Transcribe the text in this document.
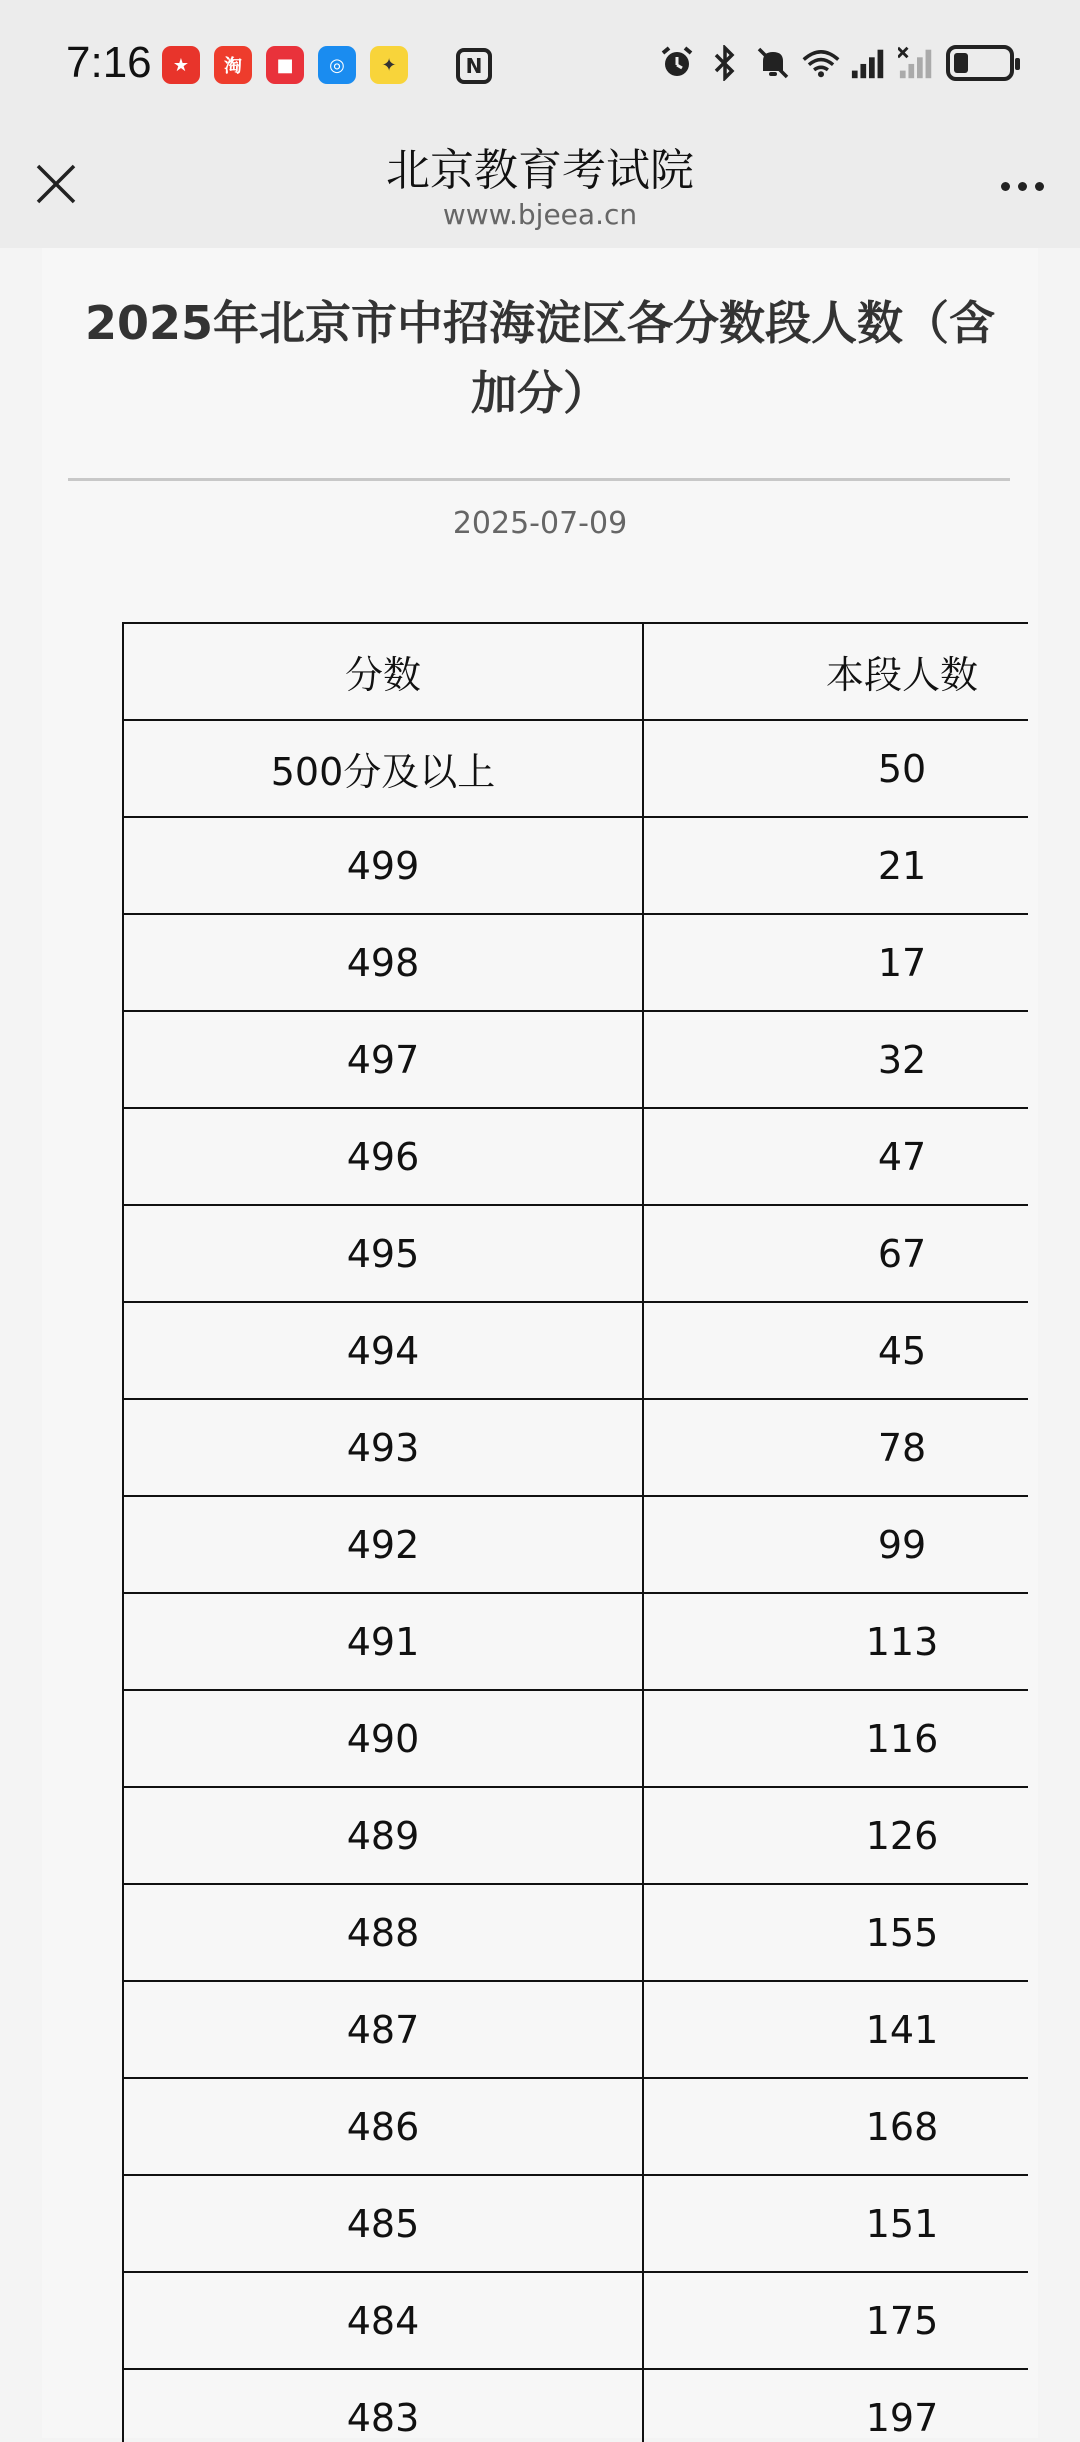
7:16	★	淘	■	◎	✦	N
北京教育考试院
www.bjeea.cn
2025年北京市中招海淀区各分数段人数（含加分）
2025-07-09
分数	本段人数
500分及以上	50
499	21
498	17
497	32
496	47
495	67
494	45
493	78
492	99
491	113
490	116
489	126
488	155
487	141
486	168
485	151
484	175
483	197
